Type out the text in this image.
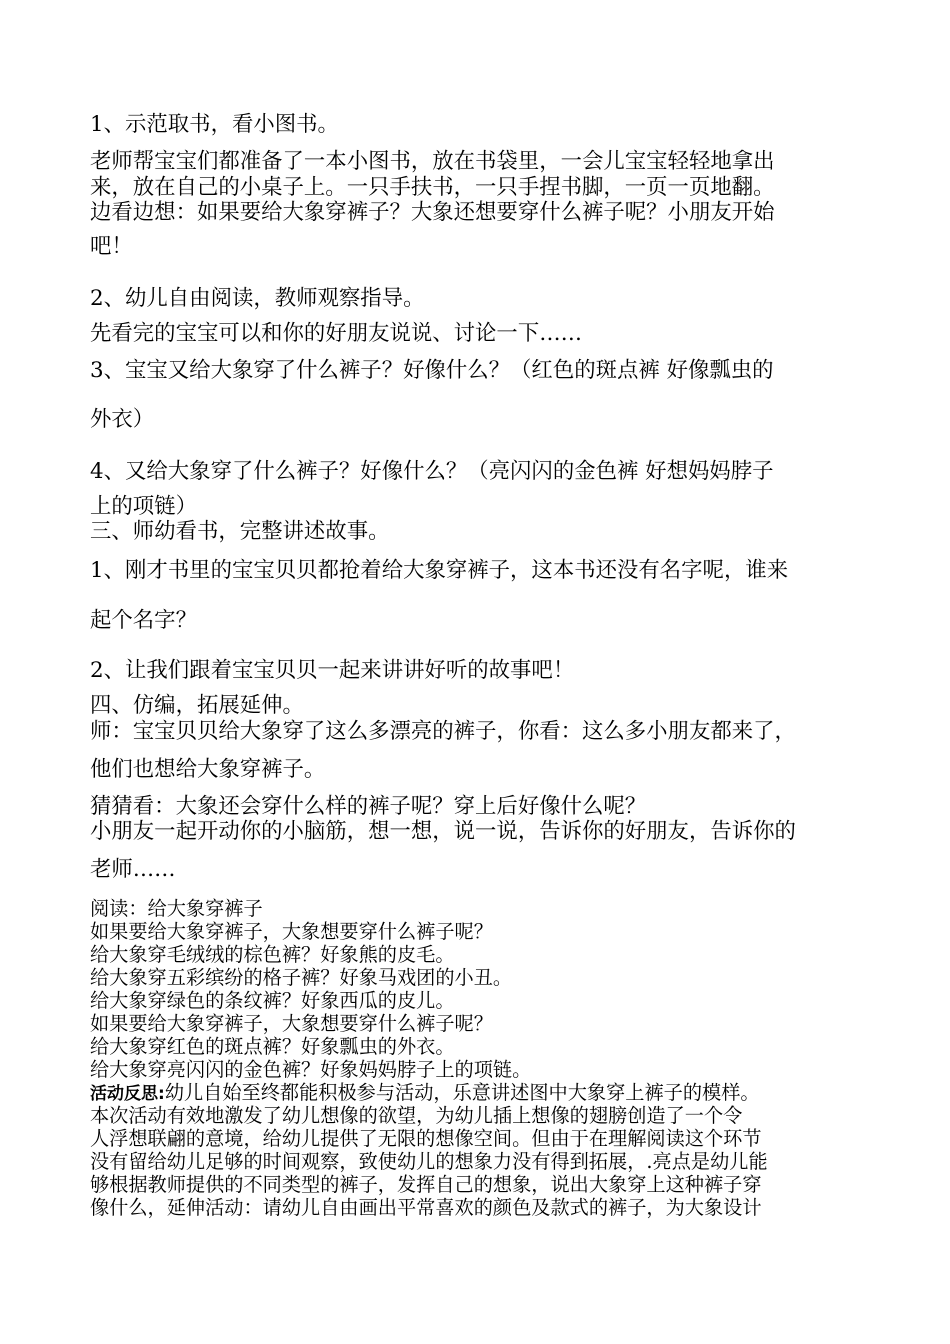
1、示范取书，看小图书。
老师帮宝宝们都准备了一本小图书，放在书袋里，一会儿宝宝轻轻地拿出
来，放在自己的小桌子上。一只手扶书，一只手捏书脚，一页一页地翻。
边看边想：如果要给大象穿裤子？大象还想要穿什么裤子呢？小朋友开始
吧！
2、幼儿自由阅读，教师观察指导。
先看完的宝宝可以和你的好朋友说说、讨论一下……
3、宝宝又给大象穿了什么裤子？好像什么？（红色的斑点裤 好像瓢虫的
外衣）
4、又给大象穿了什么裤子？好像什么？（亮闪闪的金色裤 好想妈妈脖子
上的项链）
三、师幼看书，完整讲述故事。
1、刚才书里的宝宝贝贝都抢着给大象穿裤子，这本书还没有名字呢，谁来
起个名字？
2、让我们跟着宝宝贝贝一起来讲讲好听的故事吧！
四、仿编，拓展延伸。
师：宝宝贝贝给大象穿了这么多漂亮的裤子，你看：这么多小朋友都来了，
他们也想给大象穿裤子。
猜猜看：大象还会穿什么样的裤子呢？穿上后好像什么呢？
小朋友一起开动你的小脑筋，想一想，说一说，告诉你的好朋友，告诉你的
老师……
阅读：给大象穿裤子
如果要给大象穿裤子，大象想要穿什么裤子呢？
给大象穿毛绒绒的棕色裤？好象熊的皮毛。
给大象穿五彩缤纷的格子裤？好象马戏团的小丑。
给大象穿绿色的条纹裤？好象西瓜的皮儿。
如果要给大象穿裤子，大象想要穿什么裤子呢？
给大象穿红色的斑点裤？好象瓢虫的外衣。
给大象穿亮闪闪的金色裤？好象妈妈脖子上的项链。
活动反思:幼儿自始至终都能积极参与活动，乐意讲述图中大象穿上裤子的模样。
本次活动有效地激发了幼儿想像的欲望，为幼儿插上想像的翅膀创造了一个令
人浮想联翩的意境，给幼儿提供了无限的想像空间。但由于在理解阅读这个环节
没有留给幼儿足够的时间观察，致使幼儿的想象力没有得到拓展，.亮点是幼儿能
够根据教师提供的不同类型的裤子，发挥自己的想象，说出大象穿上这种裤子穿
像什么，延伸活动：请幼儿自由画出平常喜欢的颜色及款式的裤子，为大象设计
